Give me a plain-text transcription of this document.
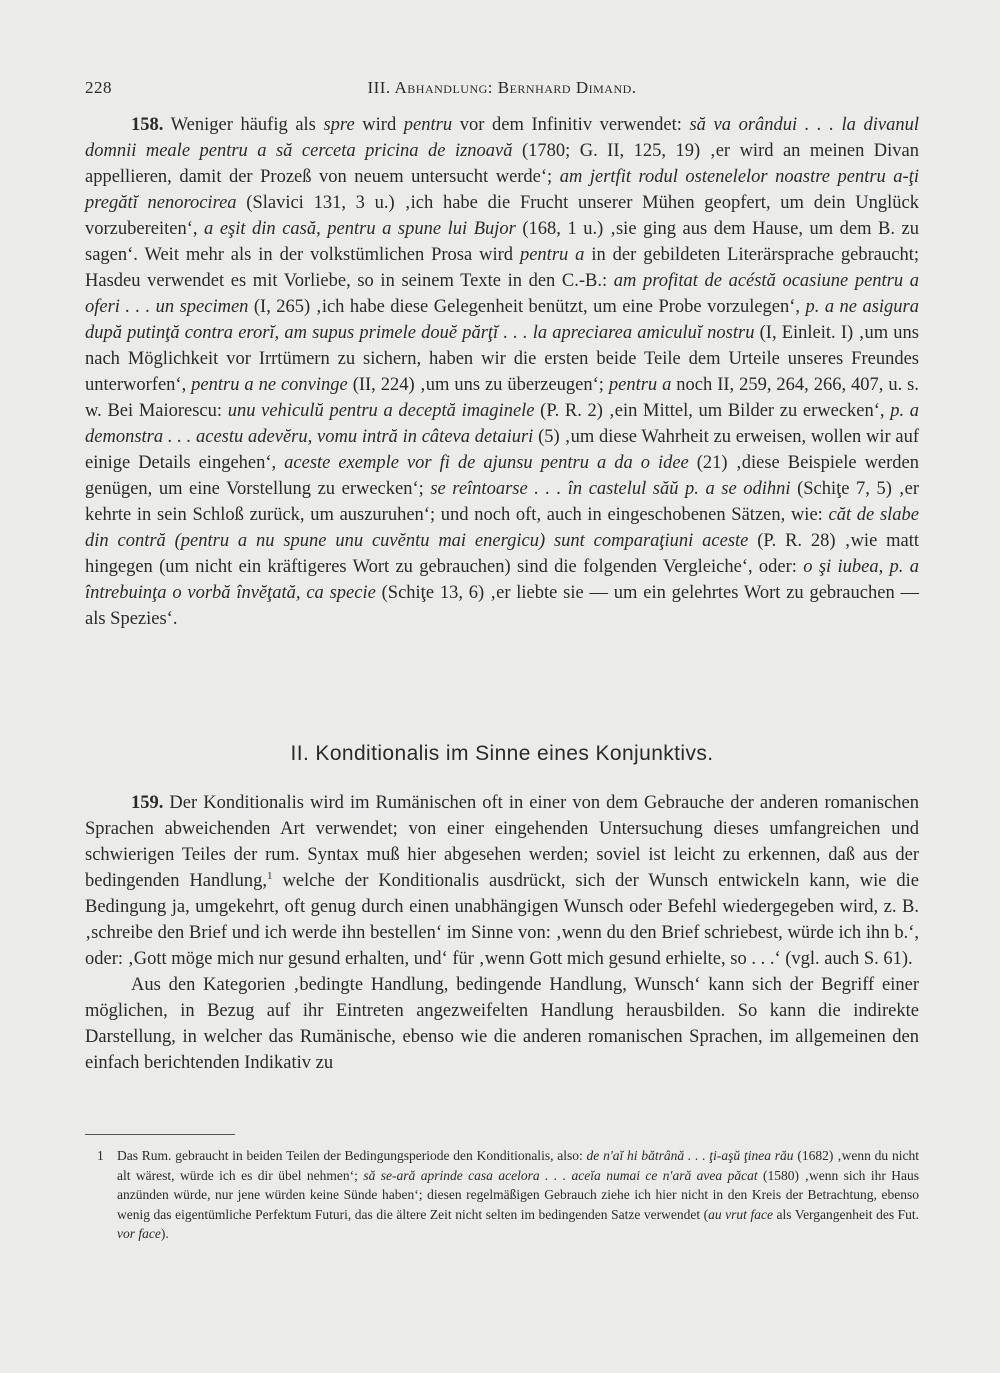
228	III. Abhandlung: Bernhard Dimand.

158. Weniger häufig als spre wird pentru vor dem Infinitiv verwendet: să va orândui . . . la divanul domnii meale pentru a să cerceta pricina de iznoavă (1780; G. II, 125, 19) ‚er wird an meinen Divan appellieren, damit der Prozeß von neuem untersucht werde‘; am jertfit rodul ostenelelor noastre pentru a-ţi pregătĭ nenorocirea (Slavici 131, 3 u.) ‚ich habe die Frucht unserer Mühen geopfert, um dein Unglück vorzubereiten‘, a eşit din casă, pentru a spune lui Bujor (168, 1 u.) ‚sie ging aus dem Hause, um dem B. zu sagen‘. Weit mehr als in der volkstümlichen Prosa wird pentru a in der gebildeten Literärsprache gebraucht; Hasdeu verwendet es mit Vorliebe, so in seinem Texte in den C.-B.: am profitat de acéstă ocasiune pentru a oferi . . . un specimen (I, 265) ‚ich habe diese Gelegenheit benützt, um eine Probe vorzulegen‘, p. a ne asigura după putinţă contra erorĭ, am supus primele douĕ părţĭ . . . la apreciarea amiculuĭ nostru (I, Einleit. I) ‚um uns nach Möglichkeit vor Irrtümern zu sichern, haben wir die ersten beide Teile dem Urteile unseres Freundes unterworfen‘, pentru a ne convinge (II, 224) ‚um uns zu überzeugen‘; pentru a noch II, 259, 264, 266, 407, u. s. w. Bei Maiorescu: unu vehiculŭ pentru a deceptă imaginele (P. R. 2) ‚ein Mittel, um Bilder zu erwecken‘, p. a demonstra . . . acestu adevĕru, vomu intră in câteva detaiuri (5) ‚um diese Wahrheit zu erweisen, wollen wir auf einige Details eingehen‘, aceste exemple vor fi de ajunsu pentru a da o idee (21) ‚diese Beispiele werden genügen, um eine Vorstellung zu erwecken‘; se reîntoarse . . . în castelul săŭ p. a se odihni (Schiţe 7, 5) ‚er kehrte in sein Schloß zurück, um auszuruhen‘; und noch oft, auch in eingeschobenen Sätzen, wie: căt de slabe din contră (pentru a nu spune unu cuvĕntu mai energicu) sunt comparaţiuni aceste (P. R. 28) ‚wie matt hingegen (um nicht ein kräftigeres Wort zu gebrauchen) sind die folgenden Vergleiche‘, oder: o şi iubea, p. a întrebuinţa o vorbă învĕţată, ca specie (Schiţe 13, 6) ‚er liebte sie — um ein gelehrtes Wort zu gebrauchen — als Spezies‘.

II. Konditionalis im Sinne eines Konjunktivs.

159. Der Konditionalis wird im Rumänischen oft in einer von dem Gebrauche der anderen romanischen Sprachen abweichenden Art verwendet; von einer eingehenden Untersuchung dieses umfangreichen und schwierigen Teiles der rum. Syntax muß hier abgesehen werden; soviel ist leicht zu erkennen, daß aus der bedingenden Handlung,$^1$ welche der Konditionalis ausdrückt, sich der Wunsch entwickeln kann, wie die Bedingung ja, umgekehrt, oft genug durch einen unabhängigen Wunsch oder Befehl wiedergegeben wird, z. B. ‚schreibe den Brief und ich werde ihn bestellen‘ im Sinne von: ‚wenn du den Brief schriebest, würde ich ihn b.‘, oder: ‚Gott möge mich nur gesund erhalten, und‘ für ‚wenn Gott mich gesund erhielte, so . . .‘ (vgl. auch S. 61).

Aus den Kategorien ‚bedingte Handlung, bedingende Handlung, Wunsch‘ kann sich der Begriff einer möglichen, in Bezug auf ihr Eintreten angezweifelten Handlung herausbilden. So kann die indirekte Darstellung, in welcher das Rumänische, ebenso wie die anderen romanischen Sprachen, im allgemeinen den einfach berichtenden Indikativ zu

1 Das Rum. gebraucht in beiden Teilen der Bedingungsperiode den Konditionalis, also: de n'aĭ hi bătrână . . . ţi-aşŭ ţinea rău (1682) ‚wenn du nicht alt wärest, würde ich es dir übel nehmen‘; să se-ară aprinde casa acelora . . . aceĭa numai ce n'ară avea păcat (1580) ‚wenn sich ihr Haus anzünden würde, nur jene würden keine Sünde haben‘; diesen regelmäßigen Gebrauch ziehe ich hier nicht in den Kreis der Betrachtung, ebenso wenig das eigentümliche Perfektum Futuri, das die ältere Zeit nicht selten im bedingenden Satze verwendet (au vrut face als Vergangenheit des Fut. vor face).
